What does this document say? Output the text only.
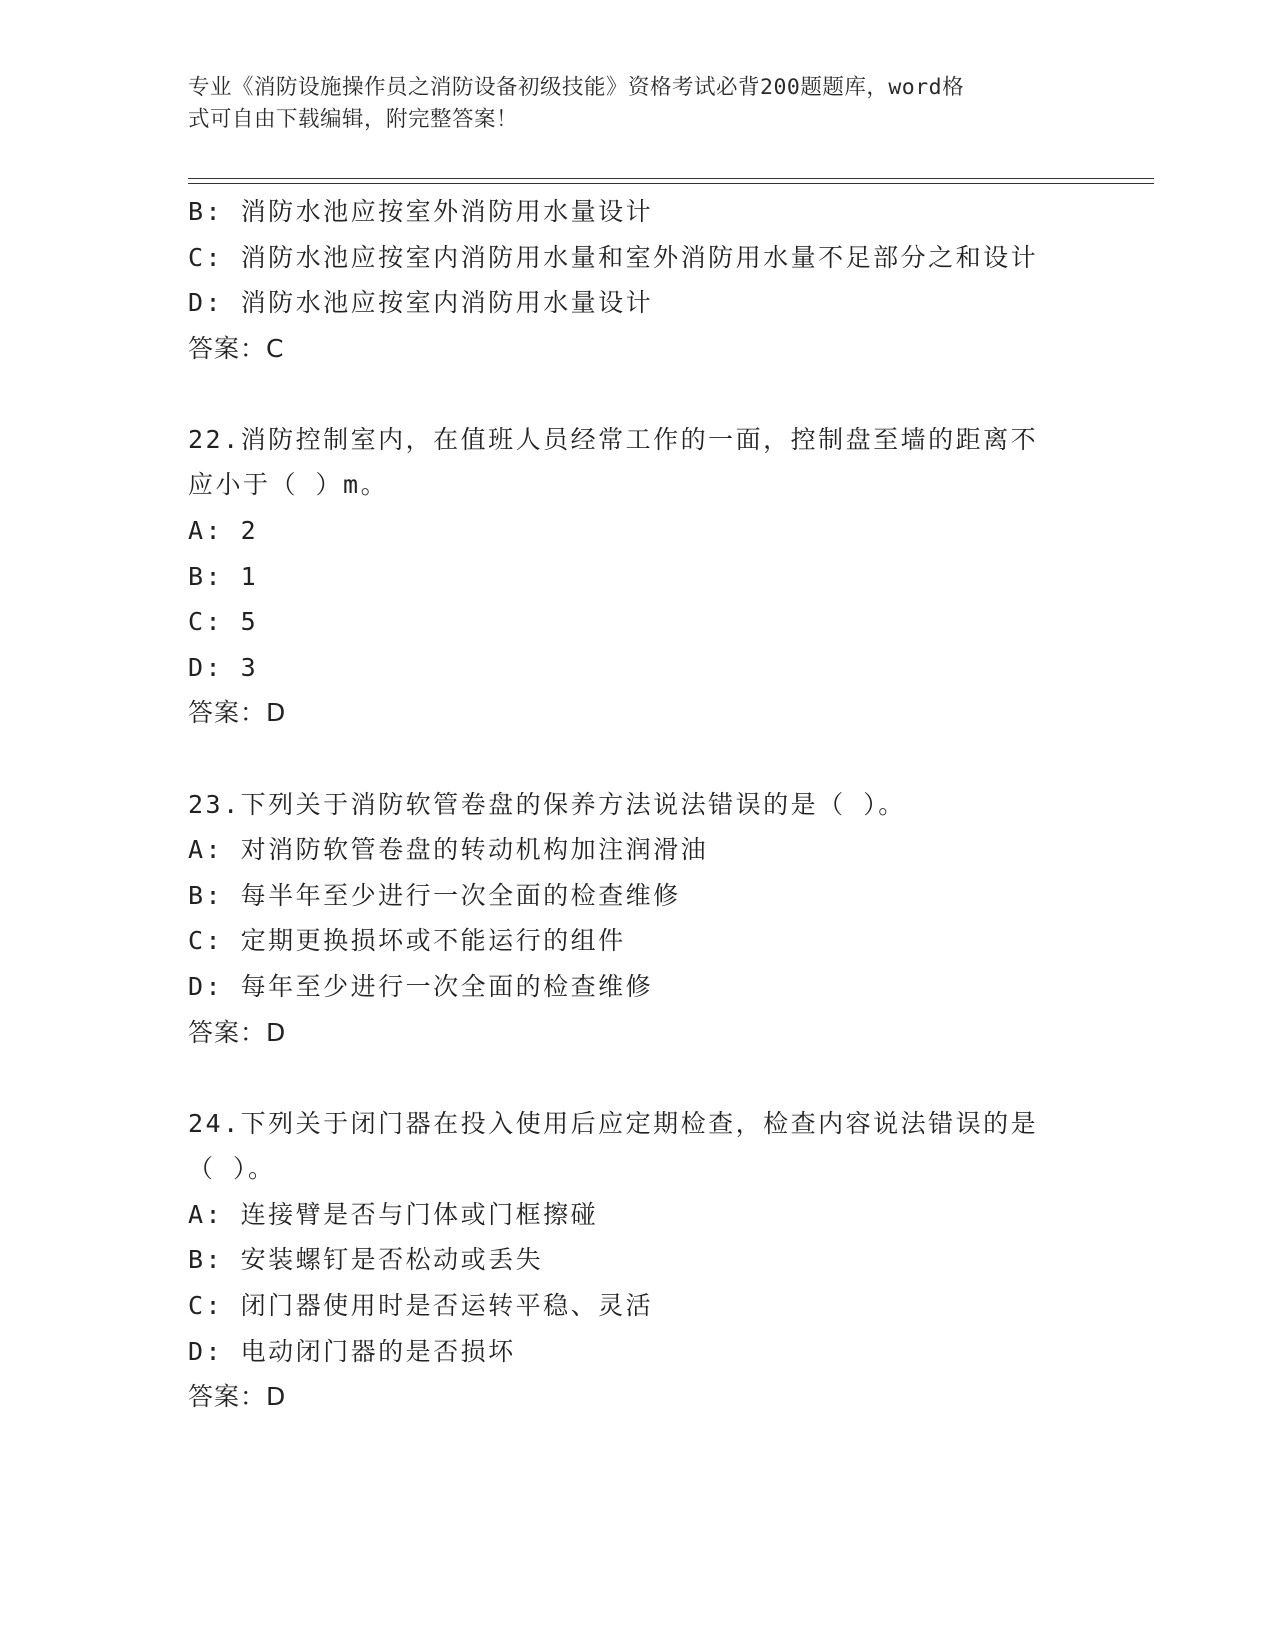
专业《消防设施操作员之消防设备初级技能》资格考试必背200题题库，word格
式可自由下载编辑，附完整答案！
B: 消防水池应按室外消防用水量设计
C: 消防水池应按室内消防用水量和室外消防用水量不足部分之和设计
D: 消防水池应按室内消防用水量设计
答案：C
22.消防控制室内，在值班人员经常工作的一面，控制盘至墙的距离不
应小于（ ）m。
A: 2
B: 1
C: 5
D: 3
答案：D
23.下列关于消防软管卷盘的保养方法说法错误的是（ ）。
A: 对消防软管卷盘的转动机构加注润滑油
B: 每半年至少进行一次全面的检查维修
C: 定期更换损坏或不能运行的组件
D: 每年至少进行一次全面的检查维修
答案：D
24.下列关于闭门器在投入使用后应定期检查，检查内容说法错误的是
（ ）。
A: 连接臂是否与门体或门框擦碰
B: 安装螺钉是否松动或丢失
C: 闭门器使用时是否运转平稳、灵活
D: 电动闭门器的是否损坏
答案：D
